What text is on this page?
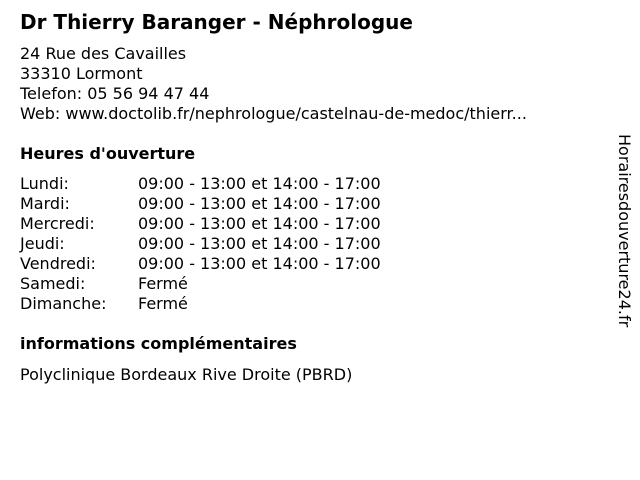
Dr Thierry Baranger - Néphrologue
24 Rue des Cavailles
33310 Lormont
Telefon: 05 56 94 47 44
Web: www.doctolib.fr/nephrologue/castelnau-de-medoc/thierr...
Heures d'ouverture
Lundi:	09:00 - 13:00 et 14:00 - 17:00
Mardi:	09:00 - 13:00 et 14:00 - 17:00
Mercredi:	09:00 - 13:00 et 14:00 - 17:00
Jeudi:	09:00 - 13:00 et 14:00 - 17:00
Vendredi:	09:00 - 13:00 et 14:00 - 17:00
Samedi:	Fermé
Dimanche:	Fermé
informations complémentaires
Polyclinique Bordeaux Rive Droite (PBRD)
Horairesdouverture24.fr
